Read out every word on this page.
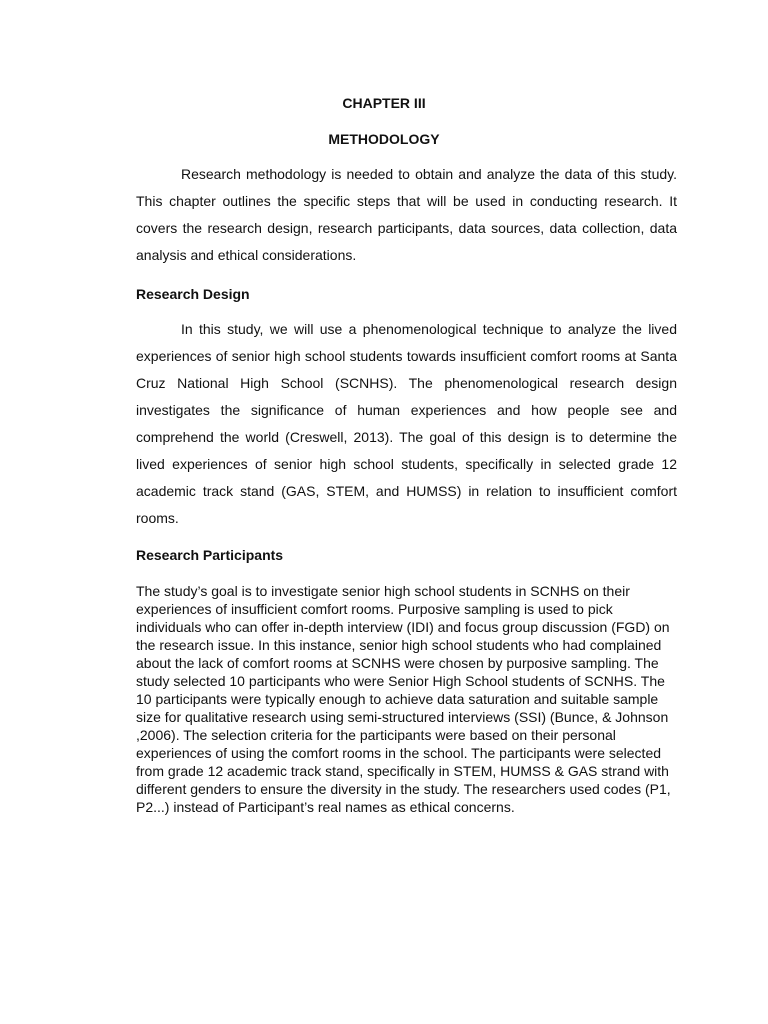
CHAPTER III
METHODOLOGY

Research methodology is needed to obtain and analyze the data of this study. This chapter outlines the specific steps that will be used in conducting research. It covers the research design, research participants, data sources, data collection, data analysis and ethical considerations.

Research Design

In this study, we will use a phenomenological technique to analyze the lived experiences of senior high school students towards insufficient comfort rooms at Santa Cruz National High School (SCNHS). The phenomenological research design investigates the significance of human experiences and how people see and comprehend the world (Creswell, 2013). The goal of this design is to determine the lived experiences of senior high school students, specifically in selected grade 12 academic track stand (GAS, STEM, and HUMSS) in relation to insufficient comfort rooms.

Research Participants

The study’s goal is to investigate senior high school students in SCNHS on their experiences of insufficient comfort rooms. Purposive sampling is used to pick individuals who can offer in-depth interview (IDI) and focus group discussion (FGD) on the research issue. In this instance, senior high school students who had complained about the lack of comfort rooms at SCNHS were chosen by purposive sampling. The study selected 10 participants who were Senior High School students of SCNHS. The 10 participants were typically enough to achieve data saturation and suitable sample size for qualitative research using semi-structured interviews (SSI) (Bunce, & Johnson ,2006). The selection criteria for the participants were based on their personal experiences of using the comfort rooms in the school. The participants were selected from grade 12 academic track stand, specifically in STEM, HUMSS & GAS strand with different genders to ensure the diversity in the study. The researchers used codes (P1, P2...) instead of Participant’s real names as ethical concerns.
